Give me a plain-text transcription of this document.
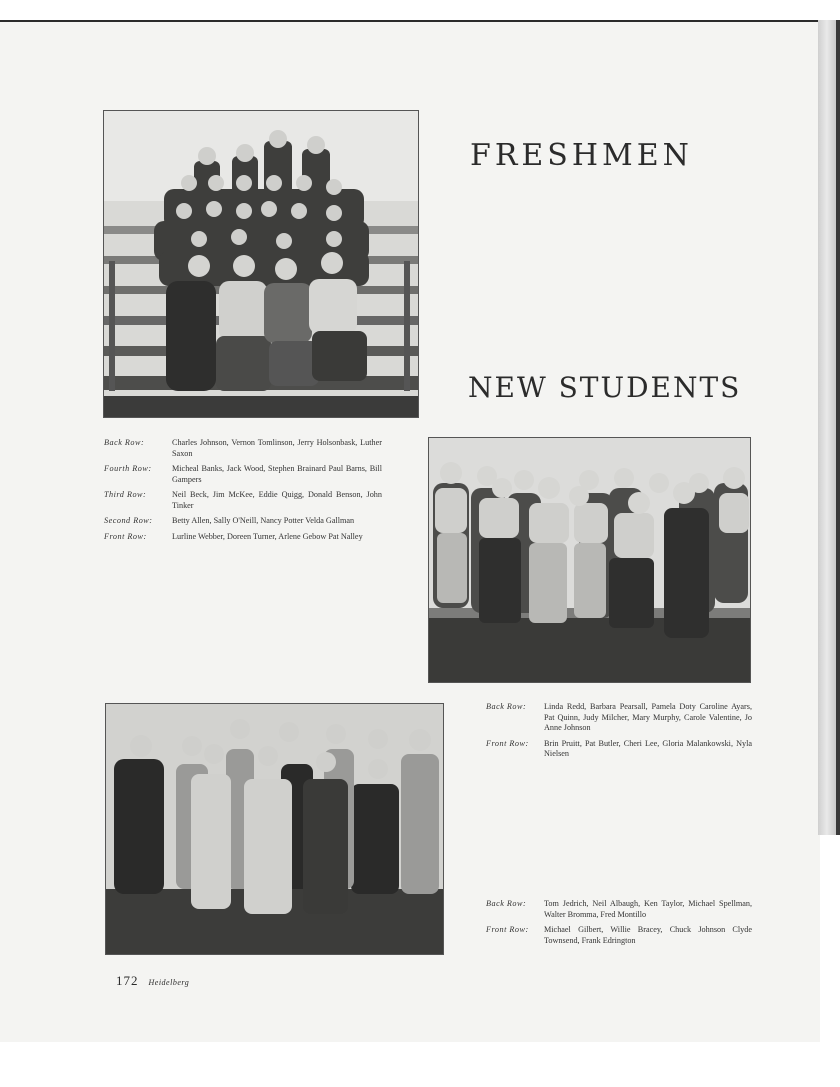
FRESHMEN
NEW STUDENTS
Back Row:	Charles Johnson, Vernon Tomlinson, Jerry Holsonbask, Luther Saxon
Fourth Row:	Micheal Banks, Jack Wood, Stephen Brainard Paul Barns, Bill Gampers
Third Row:	Neil Beck, Jim McKee, Eddie Quigg, Donald Benson, John Tinker
Second Row:	Betty Allen, Sally O'Neill, Nancy Potter Velda Gallman
Front Row:	Lurline Webber, Doreen Turner, Arlene Gebow Pat Nalley
Back Row:	Linda Redd, Barbara Pearsall, Pamela Doty Caroline Ayars, Pat Quinn, Judy Milcher, Mary Murphy, Carole Valentine, Jo Anne Johnson
Front Row:	Brin Pruitt, Pat Butler, Cheri Lee, Gloria Malankowski, Nyla Nielsen
Back Row:	Tom Jedrich, Neil Albaugh, Ken Taylor, Michael Spellman, Walter Bromma, Fred Montillo
Front Row:	Michael Gilbert, Willie Bracey, Chuck Johnson Clyde Townsend, Frank Edrington
172 Heidelberg
